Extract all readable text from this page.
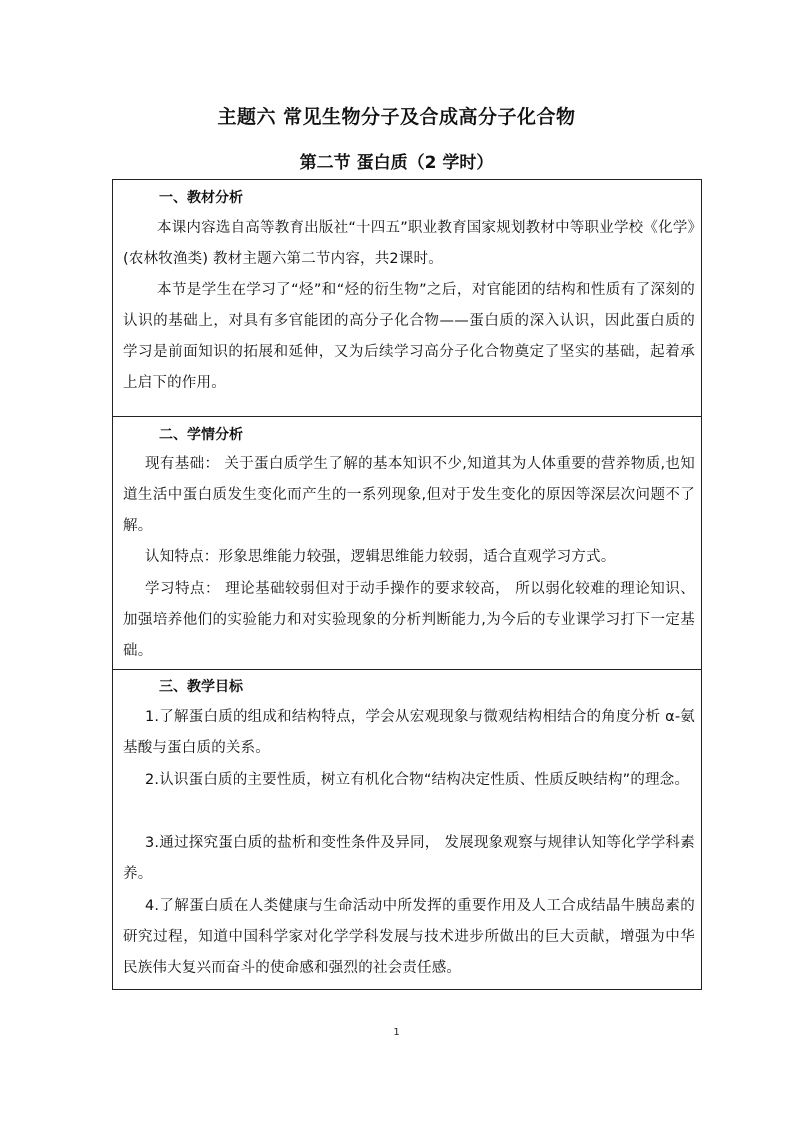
主题六 常见生物分子及合成高分子化合物
第二节 蛋白质（2 学时）
一、教材分析
本课内容选自高等教育出版社“十四五”职业教育国家规划教材中等职业学校《化学》(农林牧渔类) 教材主题六第二节内容，共2课时。
本节是学生在学习了“烃”和“烃的衍生物”之后，对官能团的结构和性质有了深刻的认识的基础上，对具有多官能团的高分子化合物——蛋白质的深入认识，因此蛋白质的学习是前面知识的拓展和延伸，又为后续学习高分子化合物奠定了坚实的基础，起着承上启下的作用。
二、学情分析
现有基础： 关于蛋白质学生了解的基本知识不少,知道其为人体重要的营养物质,也知道生活中蛋白质发生变化而产生的一系列现象,但对于发生变化的原因等深层次问题不了解。
认知特点：形象思维能力较强，逻辑思维能力较弱，适合直观学习方式。
学习特点： 理论基础较弱但对于动手操作的要求较高， 所以弱化较难的理论知识、加强培养他们的实验能力和对实验现象的分析判断能力,为今后的专业课学习打下一定基础。
三、教学目标
1.了解蛋白质的组成和结构特点，学会从宏观现象与微观结构相结合的角度分析 α-氨基酸与蛋白质的关系。
2.认识蛋白质的主要性质，树立有机化合物“结构决定性质、性质反映结构”的理念。
3.通过探究蛋白质的盐析和变性条件及异同， 发展现象观察与规律认知等化学学科素养。
4.了解蛋白质在人类健康与生命活动中所发挥的重要作用及人工合成结晶牛胰岛素的研究过程，知道中国科学家对化学学科发展与技术进步所做出的巨大贡献，增强为中华民族伟大复兴而奋斗的使命感和强烈的社会责任感。
1
